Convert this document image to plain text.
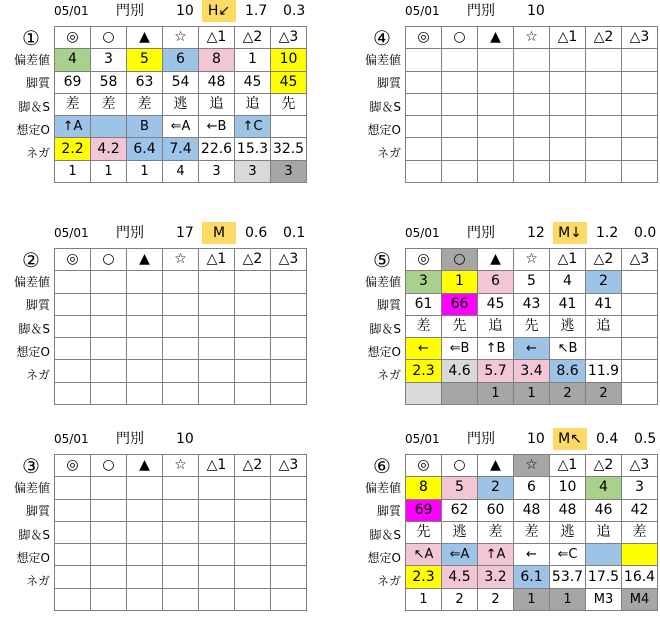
05/01 門別 10	H↙	1.7 0.3
①
偏差値
脚質
脚＆S
想定O
ネガ
◎	○	▲	☆	△1	△2	△3
4	3	5	6	8	1	10
69	58	63	54	48	45	45
差	差	差	逃	追	追	先
↑A		B	⇐A	←B	↑C	
2.2	4.2	6.4	7.4	22.6	15.3	32.5
1	1	1	4	3	3	3
05/01 門別 10
④
偏差値
脚質
脚＆S
想定O
ネガ
◎	○	▲	☆	△1	△2	△3

05/01 門別 17	M	0.6 0.1
②
偏差値
脚質
脚＆S
想定O
ネガ
◎	○	▲	☆	△1	△2	△3

05/01 門別 12 M↓	1.2 0.0
⑤
偏差値
脚質
脚＆S
想定O
ネガ
◎	○	▲	☆	△1	△2	△3
3	1	6	5	4	2	
61	66	45	43	41	41	
差	先	追	先	逃	追	
←	⇐B	↑B	←	↖B		
2.3	4.6	5.7	3.4	8.6	11.9	
		1	1	2	2	
05/01 門別 10
③
偏差値
脚質
脚＆S
想定O
ネガ
◎	○	▲	☆	△1	△2	△3

05/01 門別 10 M↖	0.4 0.5
⑥
偏差値
脚質
脚＆S
想定O
ネガ
◎	○	▲	☆	△1	△2	△3
8	5	2	6	10	4	3
69	62	60	48	48	46	42
先	逃	差	差	逃	追	差
↖A	⇐A	↑A	←	⇐C		
2.3	4.5	3.2	6.1	53.7	17.5	16.4
1	2	2	1	1	M3	M4
